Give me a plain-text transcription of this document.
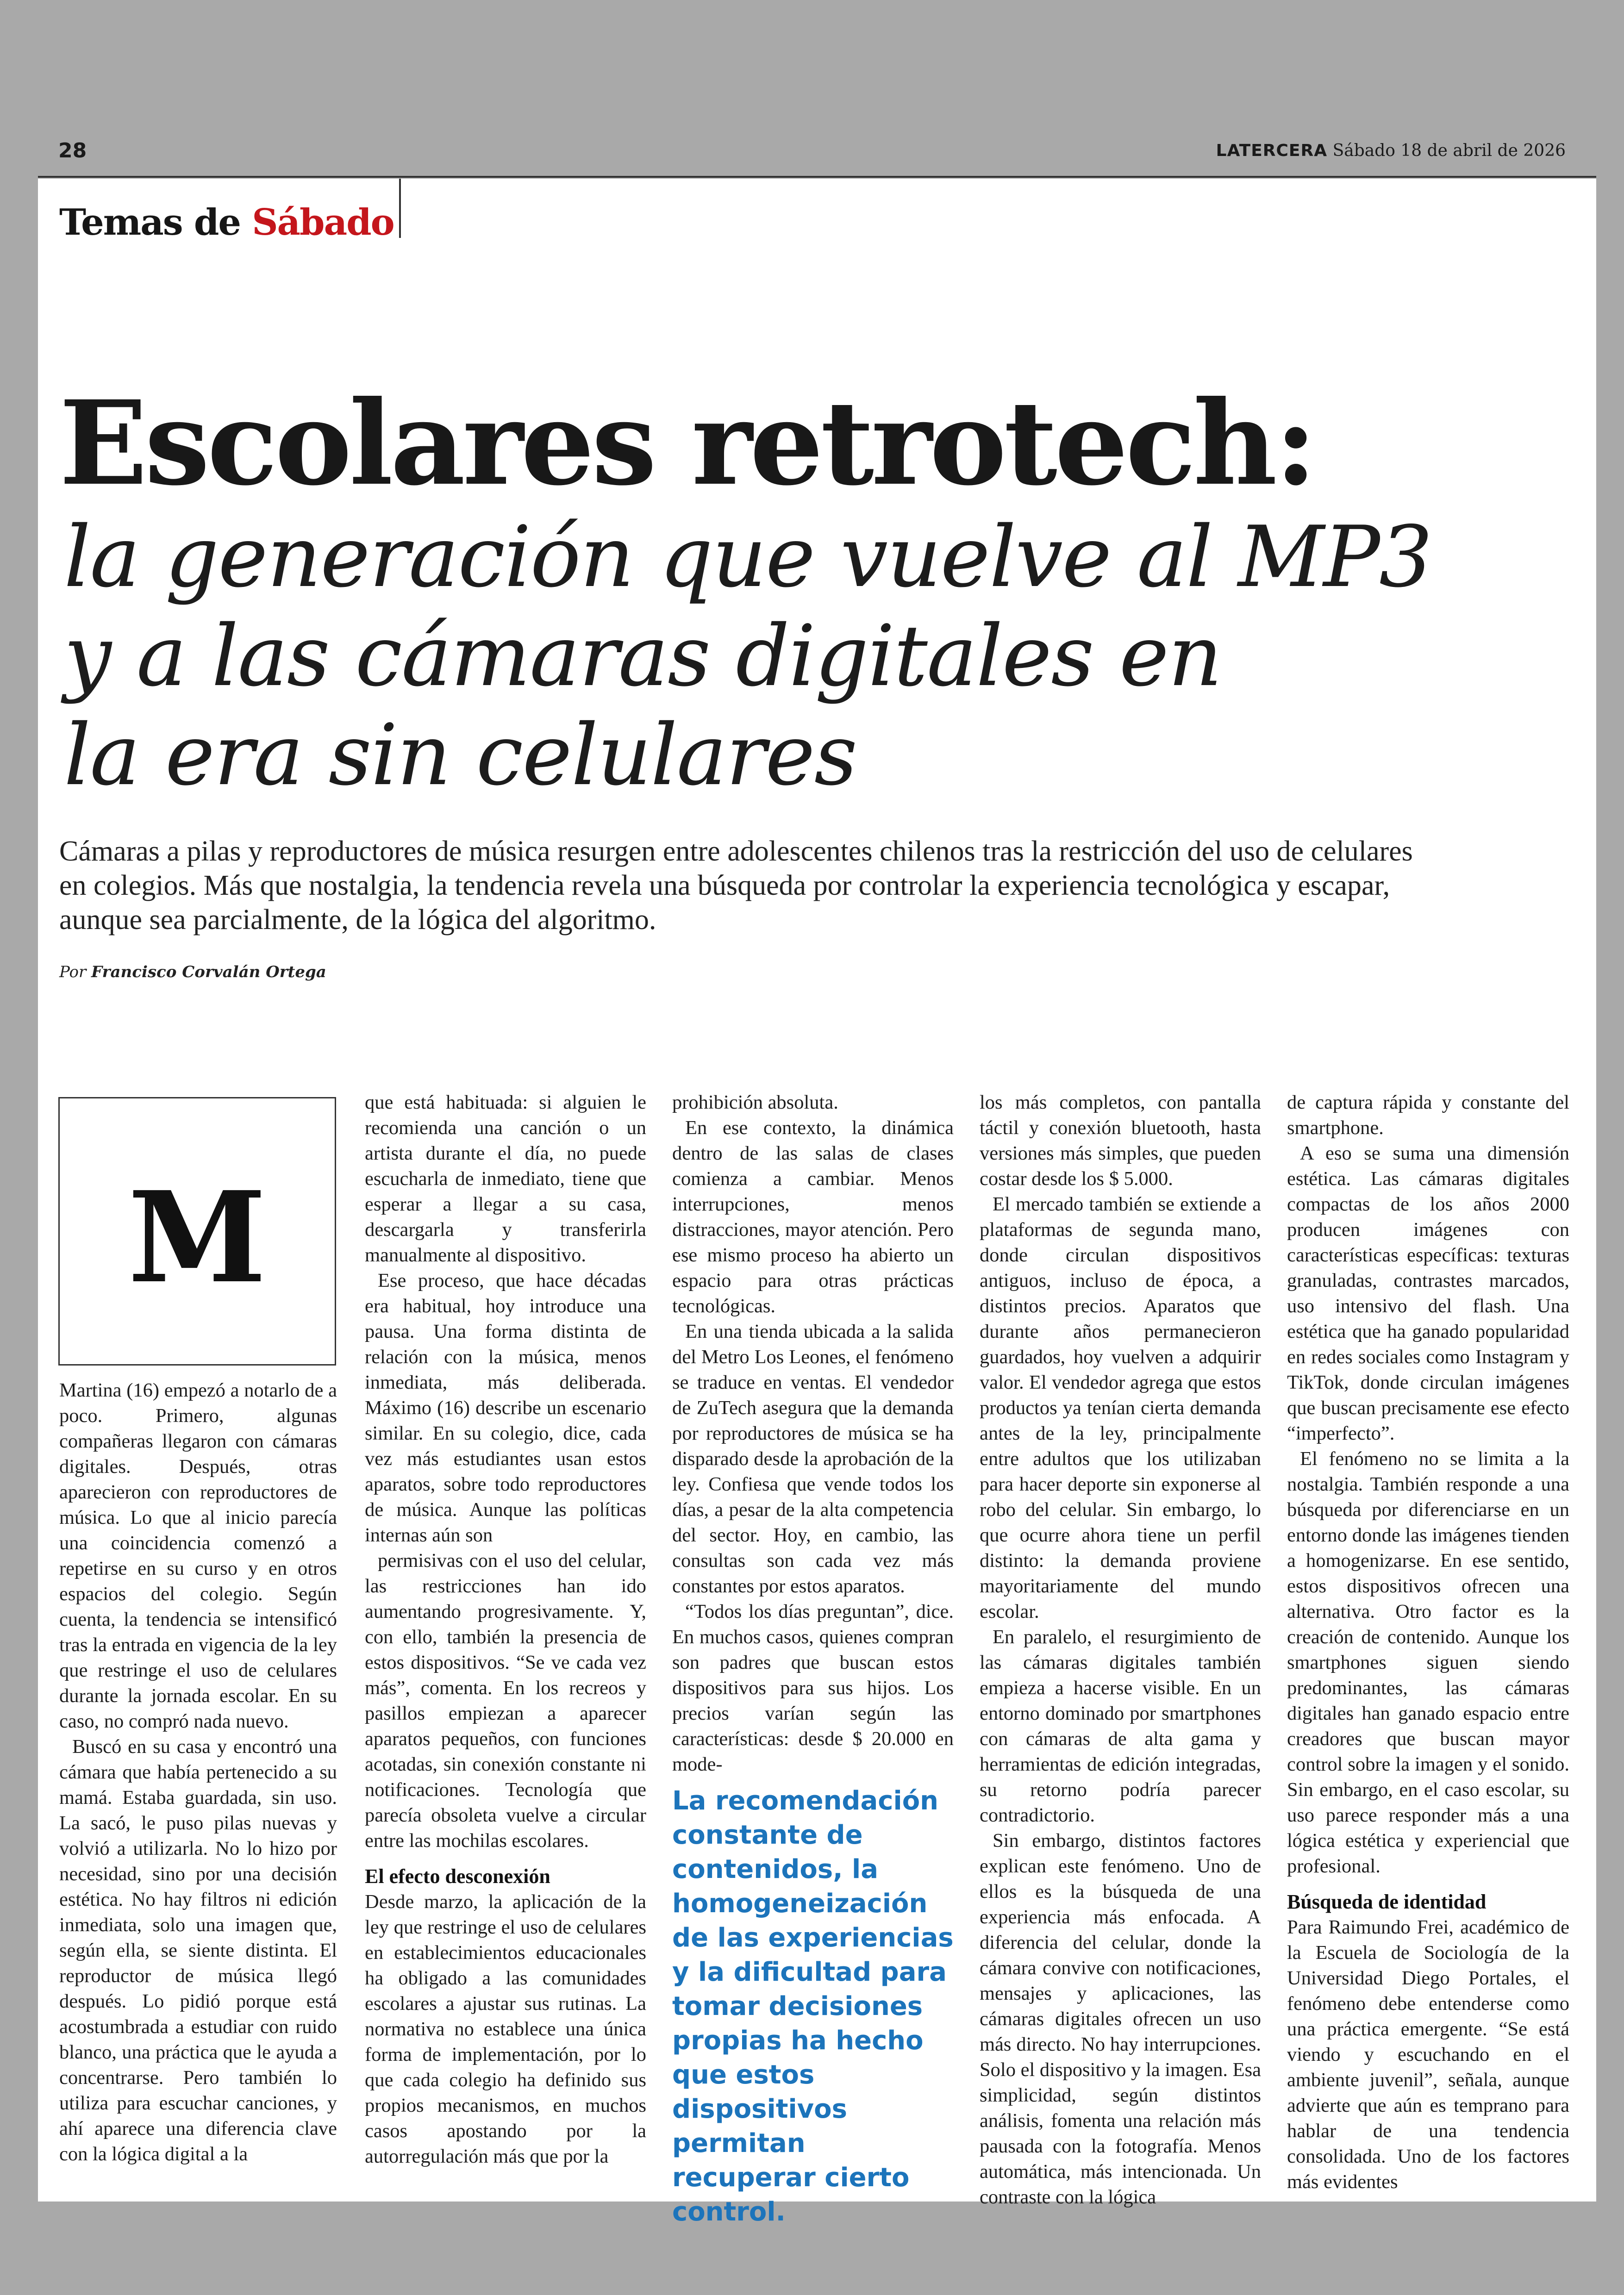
28	LATERCERA Sábado 18 de abril de 2026
Temas de Sábado
Escolares retrotech:
la generación que vuelve al MP3
y a las cámaras digitales en
la era sin celulares
Cámaras a pilas y reproductores de música resurgen entre adolescentes chilenos tras la restricción del uso de celulares en colegios. Más que nostalgia, la tendencia revela una búsqueda por controlar la experiencia tecnológica y escapar, aunque sea parcialmente, de la lógica del algoritmo.
Por Francisco Corvalán Ortega
M

Martina (16) empezó a notarlo de a poco. Primero, algunas compañeras llegaron con cámaras digitales. Después, otras aparecieron con reproductores de música. Lo que al inicio parecía una coincidencia comenzó a repetirse en su curso y en otros espacios del colegio. Según cuenta, la tendencia se intensificó tras la entrada en vigencia de la ley que restringe el uso de celulares durante la jornada escolar. En su caso, no compró nada nuevo.

Buscó en su casa y encontró una cámara que había pertenecido a su mamá. Estaba guardada, sin uso. La sacó, le puso pilas nuevas y volvió a utilizarla. No lo hizo por necesidad, sino por una decisión estética. No hay filtros ni edición inmediata, solo una imagen que, según ella, se siente distinta. El reproductor de música llegó después. Lo pidió porque está acostumbrada a estudiar con ruido blanco, una práctica que le ayuda a concentrarse. Pero también lo utiliza para escuchar canciones, y ahí aparece una diferencia clave con la lógica digital a la

que está habituada: si alguien le recomienda una canción o un artista durante el día, no puede escucharla de inmediato, tiene que esperar a llegar a su casa, descargarla y transferirla manualmente al dispositivo.

Ese proceso, que hace décadas era habitual, hoy introduce una pausa. Una forma distinta de relación con la música, menos inmediata, más deliberada. Máximo (16) describe un escenario similar. En su colegio, dice, cada vez más estudiantes usan estos aparatos, sobre todo reproductores de música. Aunque las políticas internas aún son

permisivas con el uso del celular, las restricciones han ido aumentando progresivamente. Y, con ello, también la presencia de estos dispositivos. “Se ve cada vez más”, comenta. En los recreos y pasillos empiezan a aparecer aparatos pequeños, con funciones acotadas, sin conexión constante ni notificaciones. Tecnología que parecía obsoleta vuelve a circular entre las mochilas escolares.

El efecto desconexión

Desde marzo, la aplicación de la ley que restringe el uso de celulares en establecimientos educacionales ha obligado a las comunidades escolares a ajustar sus rutinas. La normativa no establece una única forma de implementación, por lo que cada colegio ha definido sus propios mecanismos, en muchos casos apostando por la autorregulación más que por la

prohibición absoluta.

En ese contexto, la dinámica dentro de las salas de clases comienza a cambiar. Menos interrupciones, menos distracciones, mayor atención. Pero ese mismo proceso ha abierto un espacio para otras prácticas tecnológicas.

En una tienda ubicada a la salida del Metro Los Leones, el fenómeno se traduce en ventas. El vendedor de ZuTech asegura que la demanda por reproductores de música se ha disparado desde la aprobación de la ley. Confiesa que vende todos los días, a pesar de la alta competencia del sector. Hoy, en cambio, las consultas son cada vez más constantes por estos aparatos.

“Todos los días preguntan”, dice. En muchos casos, quienes compran son padres que buscan estos dispositivos para sus hijos. Los precios varían según las características: desde $ 20.000 en mode-

La recomendación constante de contenidos, la homogeneización de las experiencias y la dificultad para tomar decisiones propias ha hecho que estos dispositivos permitan recuperar cierto control.

los más completos, con pantalla táctil y conexión bluetooth, hasta versiones más simples, que pueden costar desde los $ 5.000.

El mercado también se extiende a plataformas de segunda mano, donde circulan dispositivos antiguos, incluso de época, a distintos precios. Aparatos que durante años permanecieron guardados, hoy vuelven a adquirir valor. El vendedor agrega que estos productos ya tenían cierta demanda antes de la ley, principalmente entre adultos que los utilizaban para hacer deporte sin exponerse al robo del celular. Sin embargo, lo que ocurre ahora tiene un perfil distinto: la demanda proviene mayoritariamente del mundo escolar.

En paralelo, el resurgimiento de las cámaras digitales también empieza a hacerse visible. En un entorno dominado por smartphones con cámaras de alta gama y herramientas de edición integradas, su retorno podría parecer contradictorio.

Sin embargo, distintos factores explican este fenómeno. Uno de ellos es la búsqueda de una experiencia más enfocada. A diferencia del celular, donde la cámara convive con notificaciones, mensajes y aplicaciones, las cámaras digitales ofrecen un uso más directo. No hay interrupciones. Solo el dispositivo y la imagen. Esa simplicidad, según distintos análisis, fomenta una relación más pausada con la fotografía. Menos automática, más intencionada. Un contraste con la lógica

de captura rápida y constante del smartphone.

A eso se suma una dimensión estética. Las cámaras digitales compactas de los años 2000 producen imágenes con características específicas: texturas granuladas, contrastes marcados, uso intensivo del flash. Una estética que ha ganado popularidad en redes sociales como Instagram y TikTok, donde circulan imágenes que buscan precisamente ese efecto “imperfecto”.

El fenómeno no se limita a la nostalgia. También responde a una búsqueda por diferenciarse en un entorno donde las imágenes tienden a homogenizarse. En ese sentido, estos dispositivos ofrecen una alternativa. Otro factor es la creación de contenido. Aunque los smartphones siguen siendo predominantes, las cámaras digitales han ganado espacio entre creadores que buscan mayor control sobre la imagen y el sonido. Sin embargo, en el caso escolar, su uso parece responder más a una lógica estética y experiencial que profesional.

Búsqueda de identidad

Para Raimundo Frei, académico de la Escuela de Sociología de la Universidad Diego Portales, el fenómeno debe entenderse como una práctica emergente. “Se está viendo y escuchando en el ambiente juvenil”, señala, aunque advierte que aún es temprano para hablar de una tendencia consolidada. Uno de los factores más evidentes
